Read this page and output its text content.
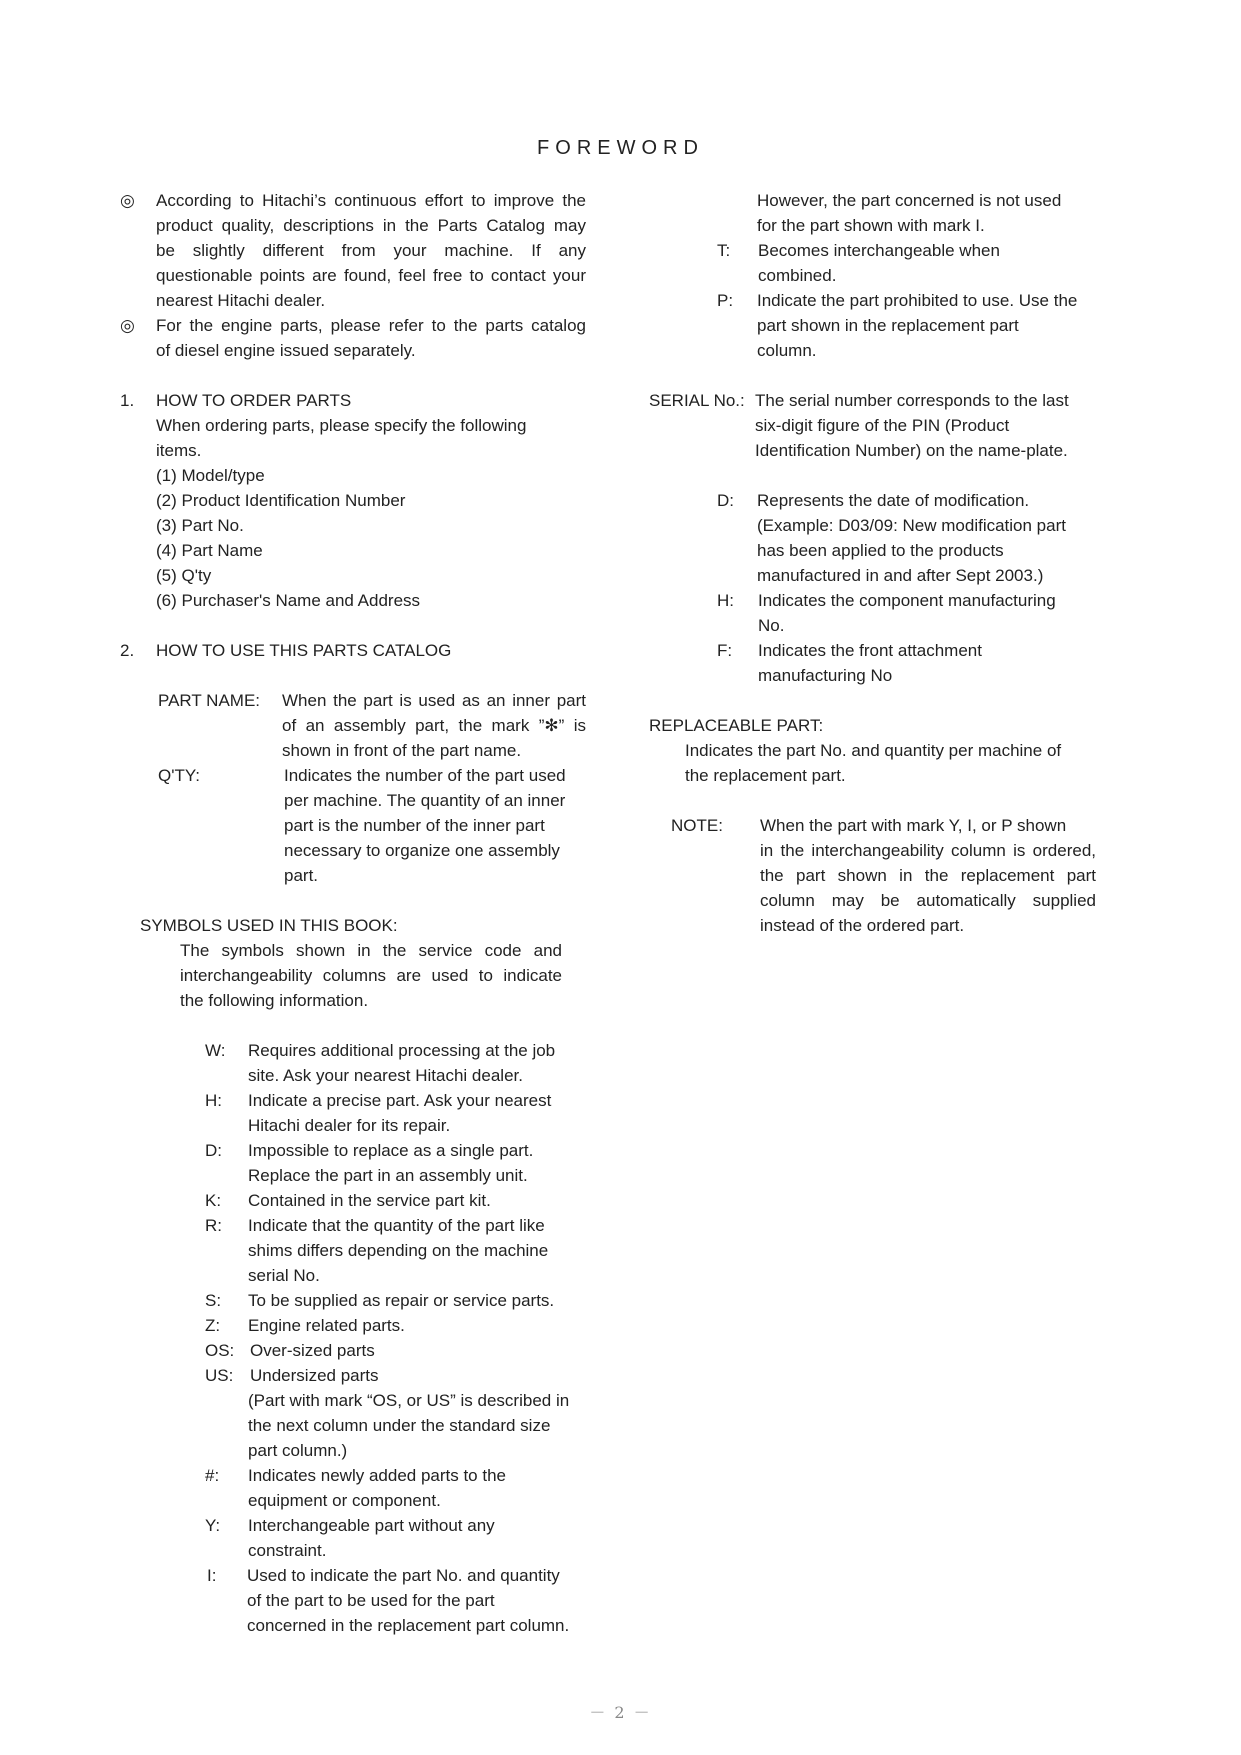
FOREWORD
◎ According to Hitachi’s continuous effort to improve the
product quality, descriptions in the Parts Catalog may
be slightly different from your machine. If any
questionable points are found, feel free to contact your
nearest Hitachi dealer.
◎ For the engine parts, please refer to the parts catalog
of diesel engine issued separately.
1. HOW TO ORDER PARTS
When ordering parts, please specify the following
items.
(1) Model/type
(2) Product Identification Number
(3) Part No.
(4) Part Name
(5) Q'ty
(6) Purchaser's Name and Address
2. HOW TO USE THIS PARTS CATALOG
PART NAME: When the part is used as an inner part
of an assembly part, the mark ”✻” is
shown in front of the part name.
Q'TY:	Indicates the number of the part used
per machine. The quantity of an inner
part is the number of the inner part
necessary to organize one assembly
part.
SYMBOLS USED IN THIS BOOK:
The symbols shown in the service code and
interchangeability columns are used to indicate
the following information.
W: Requires additional processing at the job
site. Ask your nearest Hitachi dealer.
H: Indicate a precise part. Ask your nearest
Hitachi dealer for its repair.
D: Impossible to replace as a single part.
Replace the part in an assembly unit.
K: Contained in the service part kit.
R: Indicate that the quantity of the part like
shims differs depending on the machine
serial No.
S: To be supplied as repair or service parts.
Z: Engine related parts.
OS: Over-sized parts
US: Undersized parts
(Part with mark “OS, or US” is described in
the next column under the standard size
part column.)
#: Indicates newly added parts to the
equipment or component.
Y: Interchangeable part without any
constraint.
I: Used to indicate the part No. and quantity
of the part to be used for the part
concerned in the replacement part column.
However, the part concerned is not used
for the part shown with mark I.
T: Becomes interchangeable when
combined.
P: Indicate the part prohibited to use. Use the
part shown in the replacement part
column.
SERIAL No.: The serial number corresponds to the last
six-digit figure of the PIN (Product
Identification Number) on the name-plate.
D: Represents the date of modification.
(Example: D03/09: New modification part
has been applied to the products
manufactured in and after Sept 2003.)
H: Indicates the component manufacturing
No.
F: Indicates the front attachment
manufacturing No
REPLACEABLE PART:
Indicates the part No. and quantity per machine of
the replacement part.
NOTE: When the part with mark Y, I, or P shown
in the interchangeability column is ordered,
the part shown in the replacement part
column may be automatically supplied
instead of the ordered part.
－ 2 －
